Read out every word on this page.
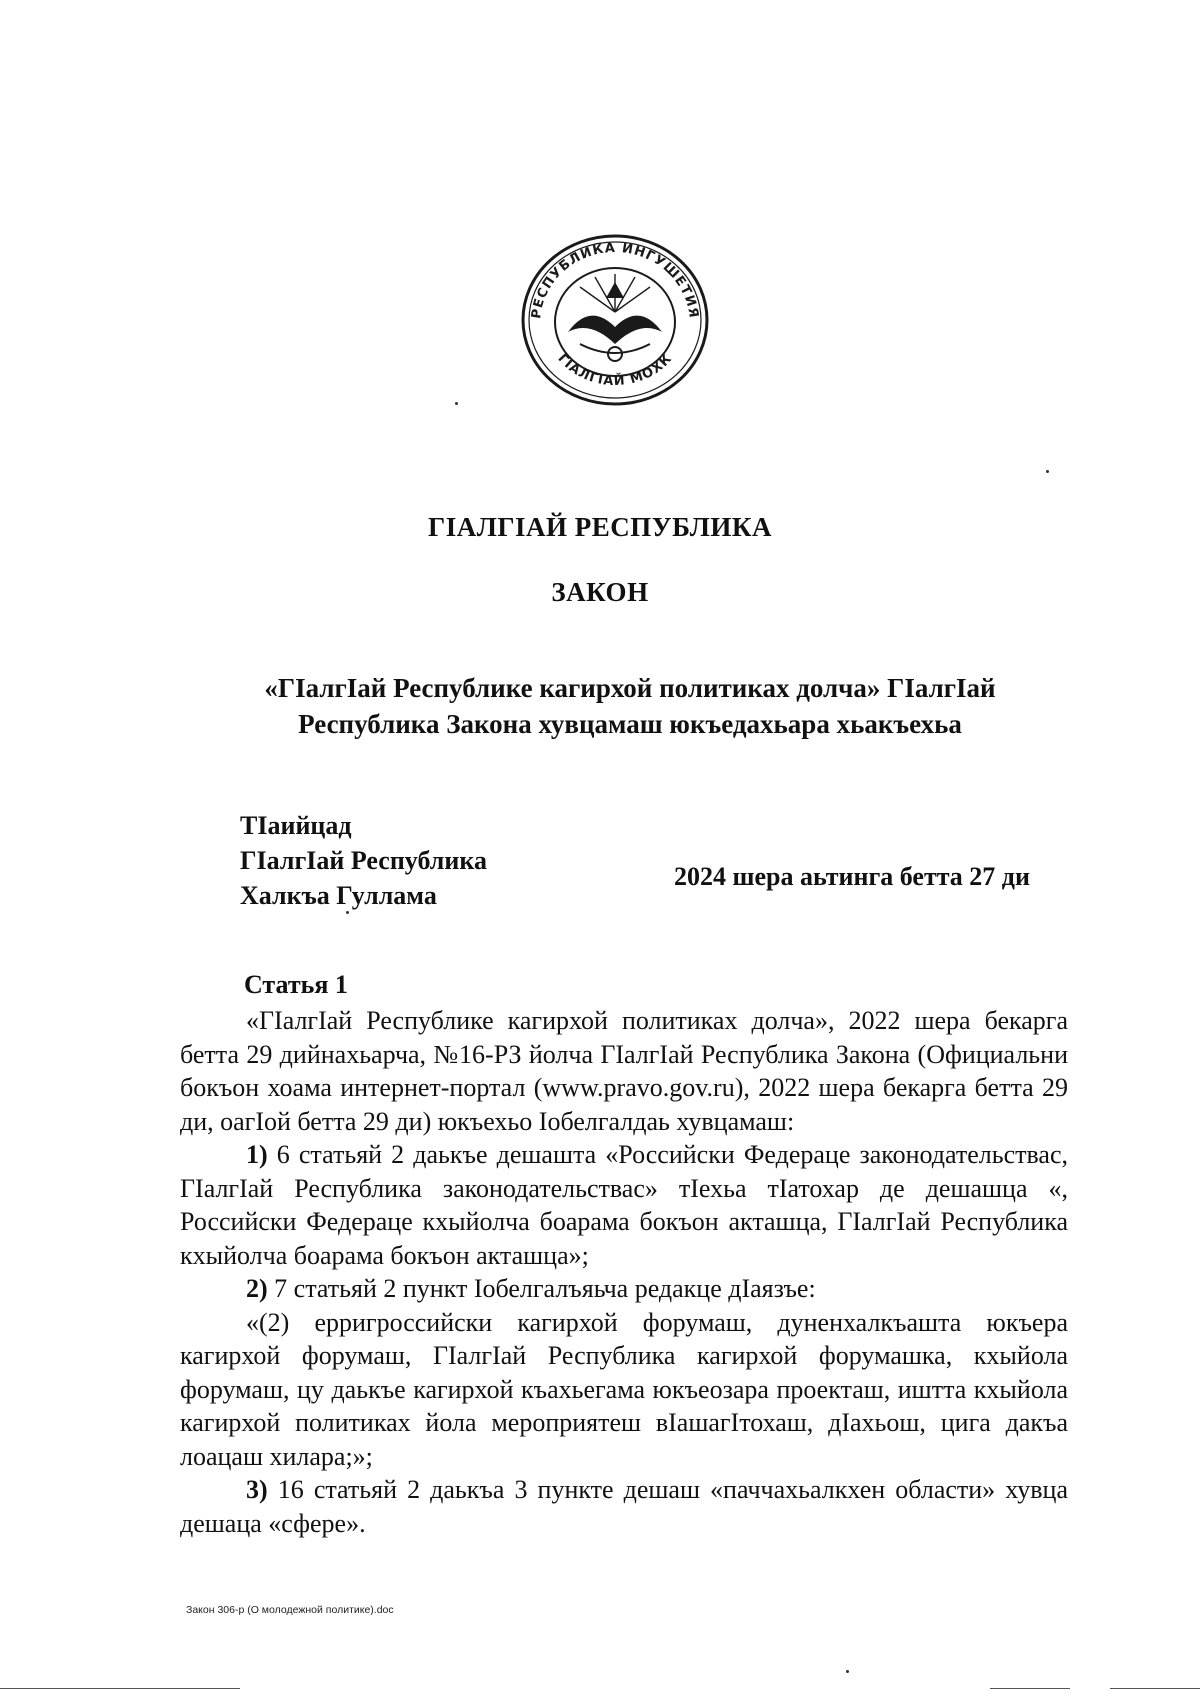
РЕСПУБЛИКА ИНГУШЕТИЯ
ГIАЛГIАЙ МОХК
ГIАЛГIАЙ РЕСПУБЛИКА
ЗАКОН
«ГIалгIай Республике кагирхой политиках долча» ГIалгIай
Республика Закона хувцамаш юкъедахьара хьакъехьа
ТIаийцад
ГIалгIай Республика
Халкъа Гуллама
2024 шера аьтинга бетта 27 ди
Статья 1

«ГIалгIай Республике кагирхой политиках долча», 2022 шера бекарга бетта 29 дийнахьарча, №16-РЗ йолча ГIалгIай Республика Закона (Официальни бокъон хоама интернет-портал (www.pravo.gov.ru), 2022 шера бекарга бетта 29 ди, оагIой бетта 29 ди) юкъехьо Iобелгалдаь хувцамаш:

1) 6 статьяй 2 даькъе дешашта «Российски Федераце законодательствас, ГIалгIай Республика законодательствас» тIехьа тIатохар де дешашца «, Российски Федераце кхыйолча боарама бокъон акташца, ГIалгIай Республика кхыйолча боарама бокъон акташца»;

2) 7 статьяй 2 пункт Iобелгалъяьча редакце дIаязъе:

«(2) ерригроссийски кагирхой форумаш, дуненхалкъашта юкъера кагирхой форумаш, ГIалгIай Республика кагирхой форумашка, кхыйола форумаш, цу даькъе кагирхой къахьегама юкъеозара проекташ, иштта кхыйола кагирхой политиках йола мероприятеш вIашагIтохаш, дIахьош, цига дакъа лоацаш хилара;»;

3) 16 статьяй 2 даькъа 3 пункте дешаш «паччахьалкхен области» хувца дешаца «сфере».

Закон 306-р (О молодежной политике).doc
